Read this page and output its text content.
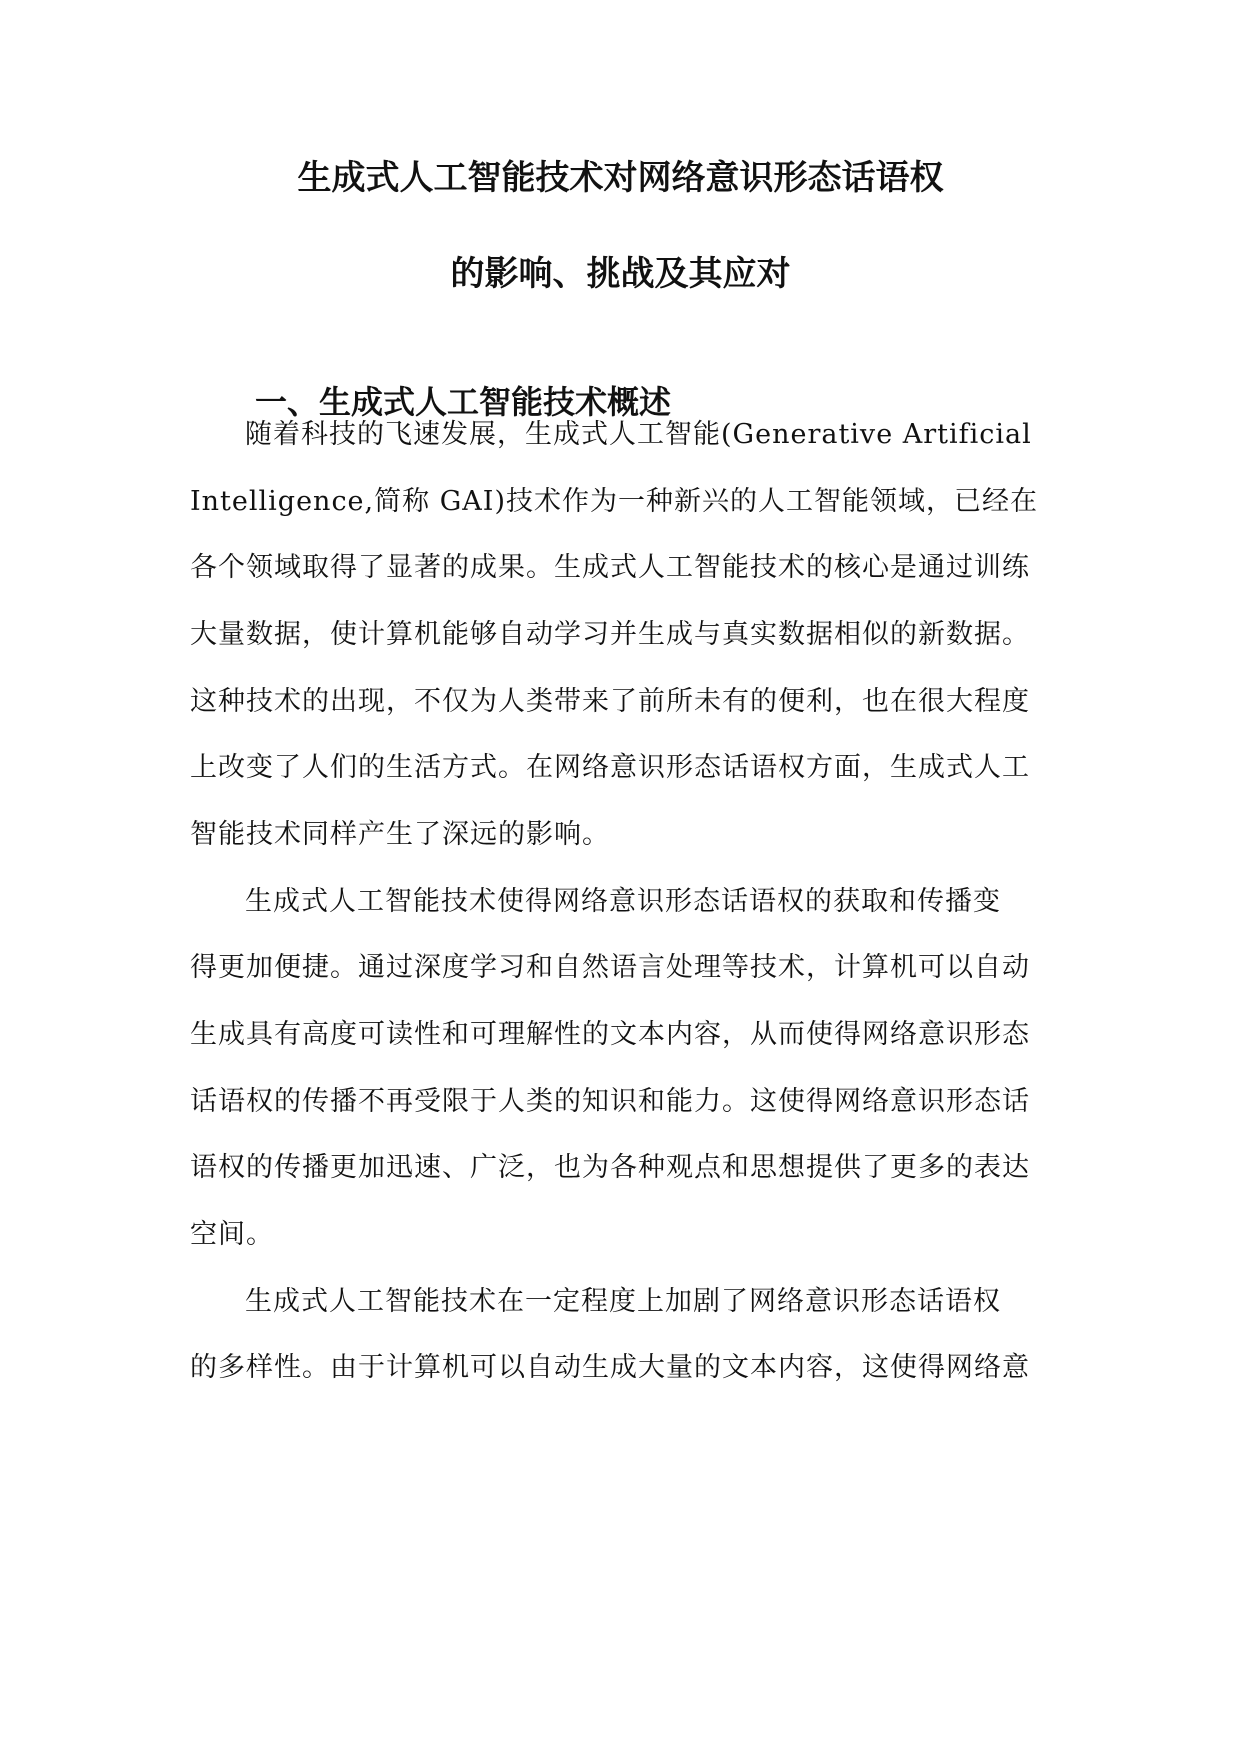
生成式人工智能技术对网络意识形态话语权
的影响、挑战及其应对
一、生成式人工智能技术概述
随着科技的飞速发展，生成式人工智能(Generative Artificial
Intelligence,简称 GAI)技术作为一种新兴的人工智能领域，已经在
各个领域取得了显著的成果。生成式人工智能技术的核心是通过训练
大量数据，使计算机能够自动学习并生成与真实数据相似的新数据。
这种技术的出现，不仅为人类带来了前所未有的便利，也在很大程度
上改变了人们的生活方式。在网络意识形态话语权方面，生成式人工
智能技术同样产生了深远的影响。
生成式人工智能技术使得网络意识形态话语权的获取和传播变
得更加便捷。通过深度学习和自然语言处理等技术，计算机可以自动
生成具有高度可读性和可理解性的文本内容，从而使得网络意识形态
话语权的传播不再受限于人类的知识和能力。这使得网络意识形态话
语权的传播更加迅速、广泛，也为各种观点和思想提供了更多的表达
空间。
生成式人工智能技术在一定程度上加剧了网络意识形态话语权
的多样性。由于计算机可以自动生成大量的文本内容，这使得网络意
